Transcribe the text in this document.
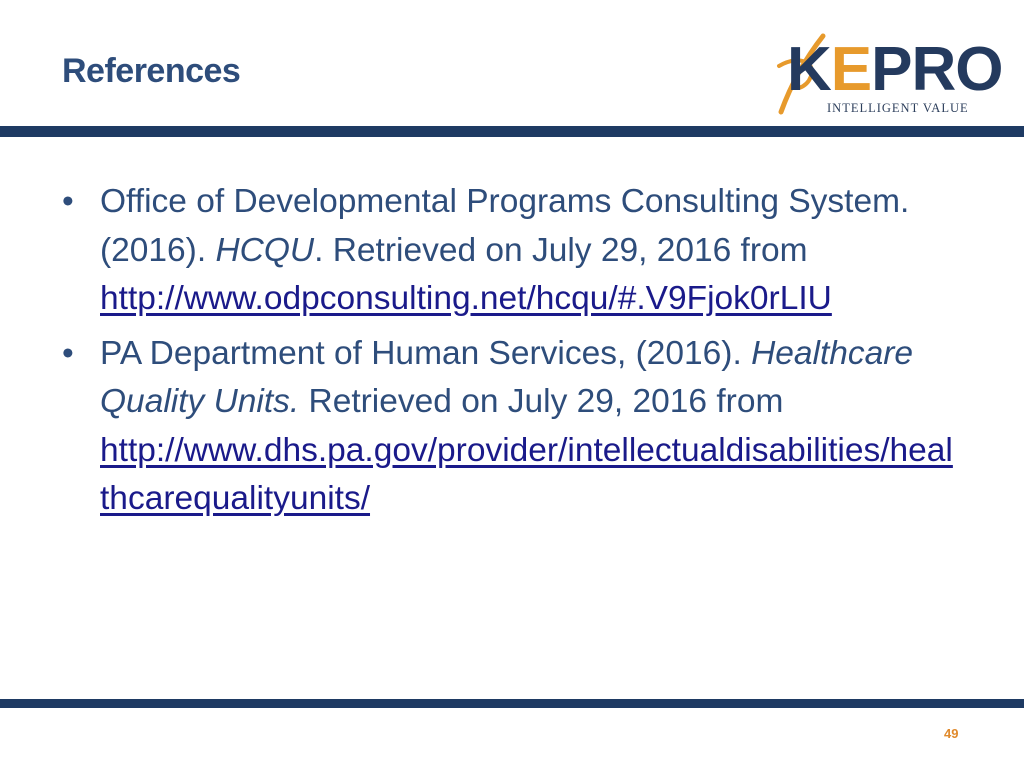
References	KEPRO
INTELLIGENT VALUE
• Office of Developmental Programs Consulting System. (2016). HCQU. Retrieved on July 29, 2016 from
http://www.odpconsulting.net/hcqu/#.V9Fjok0rLIU
• PA Department of Human Services, (2016). Healthcare Quality Units. Retrieved on July 29, 2016 from
http://www.dhs.pa.gov/provider/intellectualdisabilities/healthcarequalityunits/
49
